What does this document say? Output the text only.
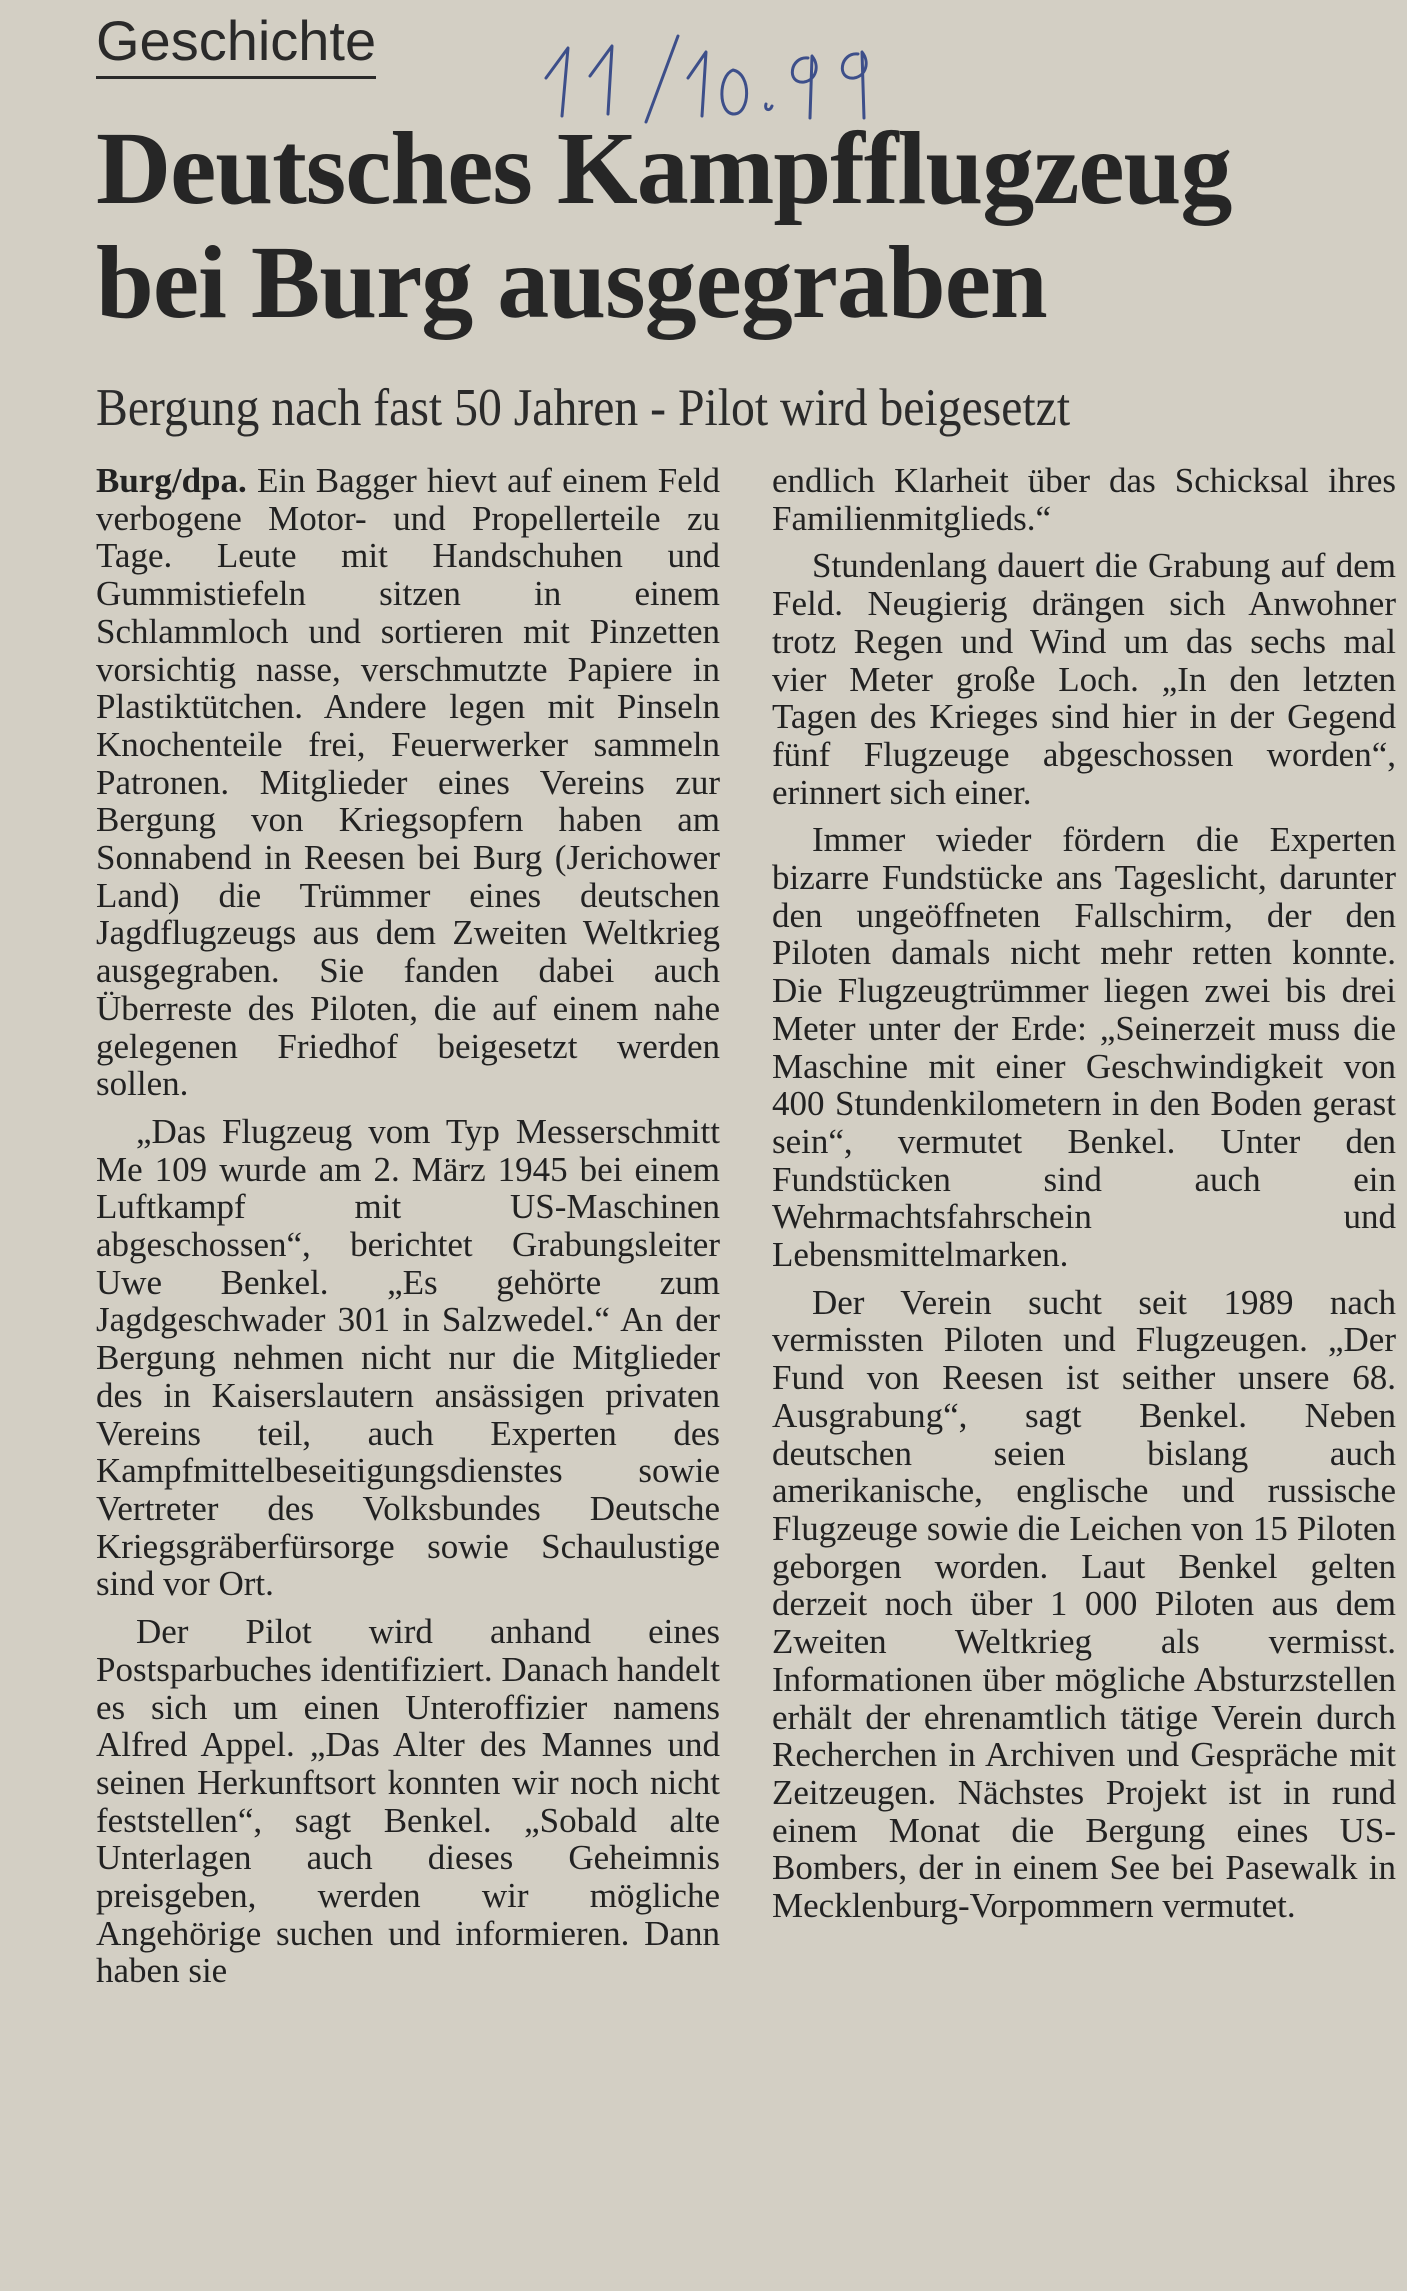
Geschichte
Deutsches Kampfflugzeug bei Burg ausgegraben
Bergung nach fast 50 Jahren - Pilot wird beigesetzt

Burg/dpa. Ein Bagger hievt auf einem Feld verbogene Motor- und Propellerteile zu Tage. Leute mit Handschuhen und Gummistiefeln sitzen in einem Schlammloch und sortieren mit Pinzetten vorsichtig nasse, verschmutzte Papiere in Plastiktütchen. Andere legen mit Pinseln Knochenteile frei, Feuerwerker sammeln Patronen. Mitglieder eines Vereins zur Bergung von Kriegsopfern haben am Sonnabend in Reesen bei Burg (Jerichower Land) die Trümmer eines deutschen Jagdflugzeugs aus dem Zweiten Weltkrieg ausgegraben. Sie fanden dabei auch Überreste des Piloten, die auf einem nahe gelegenen Friedhof beigesetzt werden sollen.

„Das Flugzeug vom Typ Messerschmitt Me 109 wurde am 2. März 1945 bei einem Luftkampf mit US-Maschinen abgeschossen“, berichtet Grabungsleiter Uwe Benkel. „Es gehörte zum Jagdgeschwader 301 in Salzwedel.“ An der Bergung nehmen nicht nur die Mitglieder des in Kaiserslautern ansässigen privaten Vereins teil, auch Experten des Kampfmittelbeseitigungsdienstes sowie Vertreter des Volksbundes Deutsche Kriegsgräberfürsorge sowie Schaulustige sind vor Ort.

Der Pilot wird anhand eines Postsparbuches identifiziert. Danach handelt es sich um einen Unteroffizier namens Alfred Appel. „Das Alter des Mannes und seinen Herkunftsort konnten wir noch nicht feststellen“, sagt Benkel. „Sobald alte Unterlagen auch dieses Geheimnis preisgeben, werden wir mögliche Angehörige suchen und informieren. Dann haben sie

endlich Klarheit über das Schicksal ihres Familienmitglieds.“

Stundenlang dauert die Grabung auf dem Feld. Neugierig drängen sich Anwohner trotz Regen und Wind um das sechs mal vier Meter große Loch. „In den letzten Tagen des Krieges sind hier in der Gegend fünf Flugzeuge abgeschossen worden“, erinnert sich einer.

Immer wieder fördern die Experten bizarre Fundstücke ans Tageslicht, darunter den ungeöffneten Fallschirm, der den Piloten damals nicht mehr retten konnte. Die Flugzeugtrümmer liegen zwei bis drei Meter unter der Erde: „Seinerzeit muss die Maschine mit einer Geschwindigkeit von 400 Stundenkilometern in den Boden gerast sein“, vermutet Benkel. Unter den Fundstücken sind auch ein Wehrmachtsfahrschein und Lebensmittelmarken.

Der Verein sucht seit 1989 nach vermissten Piloten und Flugzeugen. „Der Fund von Reesen ist seither unsere 68. Ausgrabung“, sagt Benkel. Neben deutschen seien bislang auch amerikanische, englische und russische Flugzeuge sowie die Leichen von 15 Piloten geborgen worden. Laut Benkel gelten derzeit noch über 1 000 Piloten aus dem Zweiten Weltkrieg als vermisst. Informationen über mögliche Absturzstellen erhält der ehrenamtlich tätige Verein durch Recherchen in Archiven und Gespräche mit Zeitzeugen. Nächstes Projekt ist in rund einem Monat die Bergung eines US-Bombers, der in einem See bei Pasewalk in Mecklenburg-Vorpommern vermutet.
